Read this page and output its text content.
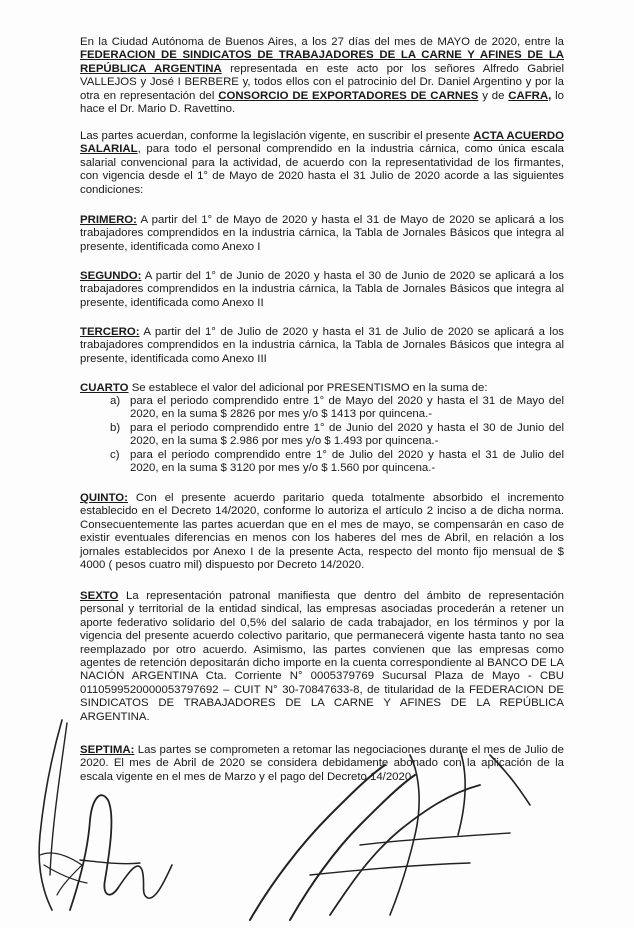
En la Ciudad Autónoma de Buenos Aires, a los 27 días del mes de MAYO de 2020, entre la FEDERACION DE SINDICATOS DE TRABAJADORES DE LA CARNE Y AFINES DE LA REPÚBLICA ARGENTINA representada en este acto por los señores Alfredo Gabriel VALLEJOS y José I BERBERE y, todos ellos con el patrocinio del Dr. Daniel Argentino y por la otra en representación del CONSORCIO DE EXPORTADORES DE CARNES y de CAFRA, lo hace el Dr. Mario D. Ravettino.

Las partes acuerdan, conforme la legislación vigente, en suscribir el presente ACTA ACUERDO SALARIAL, para todo el personal comprendido en la industria cárnica, como única escala salarial convencional para la actividad, de acuerdo con la representatividad de los firmantes, con vigencia desde el 1° de Mayo de 2020 hasta el 31 Julio de 2020 acorde a las siguientes condiciones:

PRIMERO: A partir del 1° de Mayo de 2020 y hasta el 31 de Mayo de 2020 se aplicará a los trabajadores comprendidos en la industria cárnica, la Tabla de Jornales Básicos que integra al presente, identificada como Anexo I

SEGUNDO: A partir del 1° de Junio de 2020 y hasta el 30 de Junio de 2020 se aplicará a los trabajadores comprendidos en la industria cárnica, la Tabla de Jornales Básicos que integra al presente, identificada como Anexo II

TERCERO: A partir del 1° de Julio de 2020 y hasta el 31 de Julio de 2020 se aplicará a los trabajadores comprendidos en la industria cárnica, la Tabla de Jornales Básicos que integra al presente, identificada como Anexo III

CUARTO Se establece el valor del adicional por PRESENTISMO en la suma de:

a) para el periodo comprendido entre 1° de Mayo del 2020 y hasta el 31 de Mayo del 2020, en la suma $ 2826 por mes y/o $ 1413 por quincena.-
b) para el periodo comprendido entre 1° de Junio del 2020 y hasta el 30 de Junio del 2020, en la suma $ 2.986 por mes y/o $ 1.493 por quincena.-
c) para el periodo comprendido entre 1° de Julio del 2020 y hasta el 31 de Julio del 2020, en la suma $ 3120 por mes y/o $ 1.560 por quincena.-

QUINTO: Con el presente acuerdo paritario queda totalmente absorbido el incremento establecido en el Decreto 14/2020, conforme lo autoriza el artículo 2 inciso a de dicha norma. Consecuentemente las partes acuerdan que en el mes de mayo, se compensarán en caso de existir eventuales diferencias en menos con los haberes del mes de Abril, en relación a los jornales establecidos por Anexo I de la presente Acta, respecto del monto fijo mensual de $ 4000 ( pesos cuatro mil) dispuesto por Decreto 14/2020.

SEXTO La representación patronal manifiesta que dentro del ámbito de representación personal y territorial de la entidad sindical, las empresas asociadas procederán a retener un aporte federativo solidario del 0,5% del salario de cada trabajador, en los términos y por la vigencia del presente acuerdo colectivo paritario, que permanecerá vigente hasta tanto no sea reemplazado por otro acuerdo. Asimismo, las partes convienen que las empresas como agentes de retención depositarán dicho importe en la cuenta correspondiente al BANCO DE LA NACIÓN ARGENTINA Cta. Corriente N° 0005379769 Sucursal Plaza de Mayo - CBU 0110599520000053797692 – CUIT N° 30-70847633-8, de titularidad de la FEDERACION DE SINDICATOS DE TRABAJADORES DE LA CARNE Y AFINES DE LA REPÚBLICA ARGENTINA.

SEPTIMA: Las partes se comprometen a retomar las negociaciones durante el mes de Julio de 2020. El mes de Abril de 2020 se considera debidamente abonado con la aplicación de la escala vigente en el mes de Marzo y el pago del Decreto 14/2020
